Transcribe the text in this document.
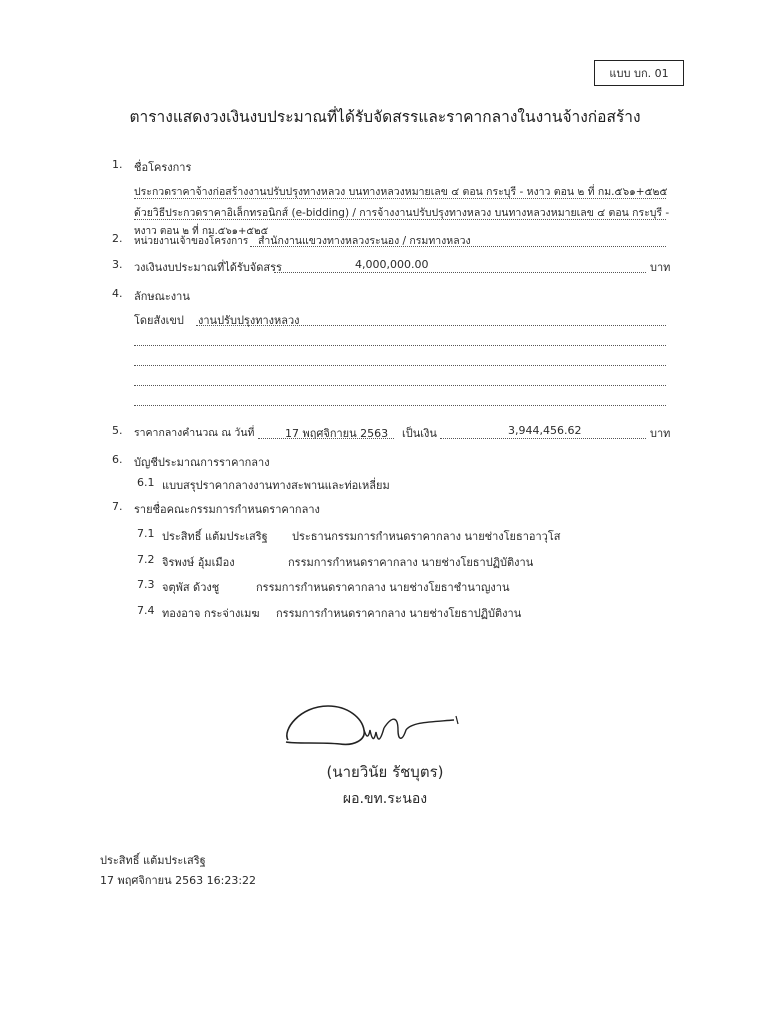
แบบ บก. 01
ตารางแสดงวงเงินงบประมาณที่ได้รับจัดสรรและราคากลางในงานจ้างก่อสร้าง
1. ชื่อโครงการ
ประกวดราคาจ้างก่อสร้างงานปรับปรุงทางหลวง บนทางหลวงหมายเลข ๔ ตอน กระบุรี - หงาว ตอน ๒ ที่ กม.๕๖๑+๕๒๕
ด้วยวิธีประกวดราคาอิเล็กทรอนิกส์ (e-bidding) / การจ้างงานปรับปรุงทางหลวง บนทางหลวงหมายเลข ๔ ตอน กระบุรี -
หงาว ตอน ๒ ที่ กม.๕๖๑+๕๒๕
2. หน่วยงานเจ้าของโครงการ สำนักงานแขวงทางหลวงระนอง / กรมทางหลวง
3. วงเงินงบประมาณที่ได้รับจัดสรร	4,000,000.00	บาท
4. ลักษณะงาน
โดยสังเขป งานปรับปรุงทางหลวง
5. ราคากลางคำนวณ ณ วันที่	17 พฤศจิกายน 2563 เป็นเงิน	3,944,456.62	บาท
6. บัญชีประมาณการราคากลาง
6.1 แบบสรุปราคากลางงานทางสะพานและท่อเหลี่ยม
7. รายชื่อคณะกรรมการกำหนดราคากลาง
7.1 ประสิทธิ์ แต้มประเสริฐ ประธานกรรมการกำหนดราคากลาง นายช่างโยธาอาวุโส
7.2 จิรพงษ์ อุ้มเมือง	กรรมการกำหนดราคากลาง นายช่างโยธาปฏิบัติงาน
7.3 จตุพัส ด้วงชู	กรรมการกำหนดราคากลาง นายช่างโยธาชำนาญงาน
7.4 ทองอาจ กระจ่างเมฆ กรรมการกำหนดราคากลาง นายช่างโยธาปฏิบัติงาน
(นายวินัย รัชบุตร)
ผอ.ขท.ระนอง
ประสิทธิ์ แต้มประเสริฐ
17 พฤศจิกายน 2563 16:23:22
